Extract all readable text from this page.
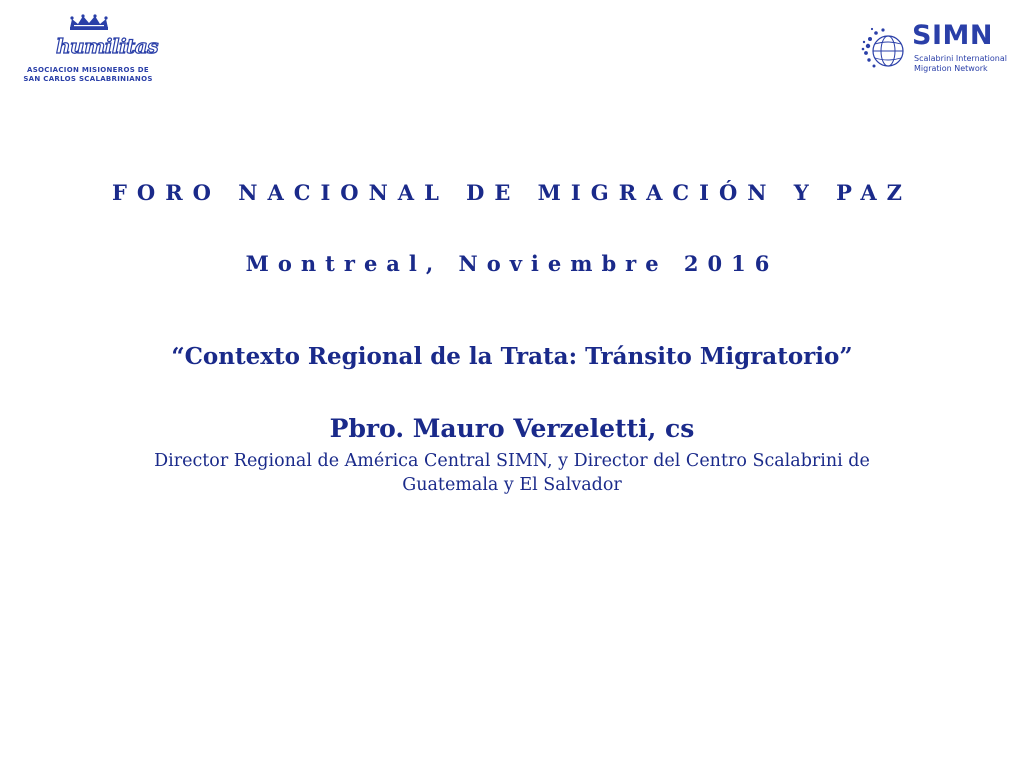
humilitas
ASOCIACION MISIONEROS DE
SAN CARLOS SCALABRINIANOS
SIMN
Scalabrini International
Migration Network
FORO NACIONAL DE MIGRACIÓN Y PAZ
Montreal, Noviembre 2016
“Contexto Regional de la Trata: Tránsito Migratorio”
Pbro. Mauro Verzeletti, cs
Director Regional de América Central SIMN, y Director del Centro Scalabrini de
Guatemala y El Salvador
